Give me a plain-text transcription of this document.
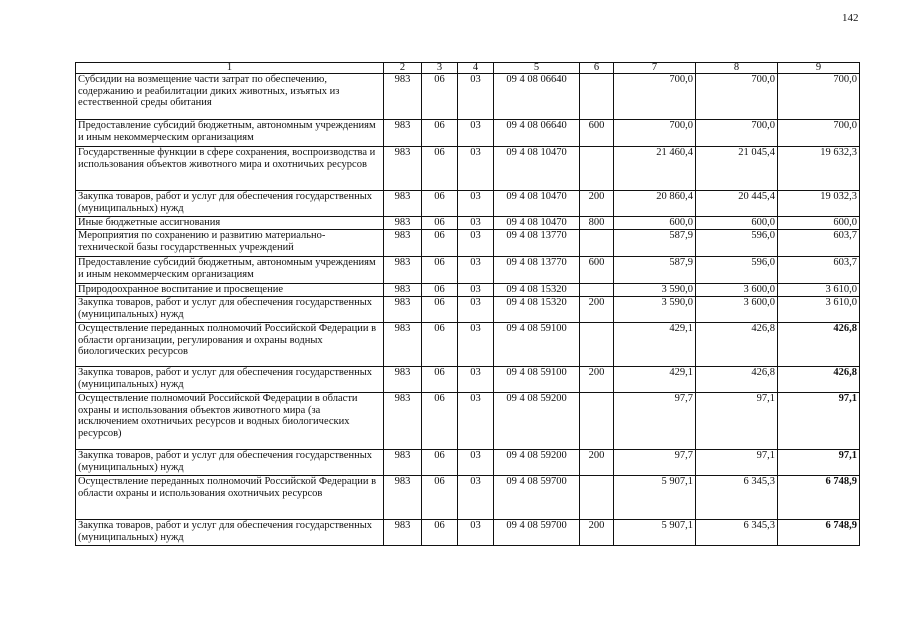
142
1	2	3	4	5	6	7	8	9
Субсидии на возмещение части затрат по обеспечению, содержанию и реабилитации диких животных, изъятых из естественной среды обитания	983	06	03	09 4 08 06640		700,0	700,0	700,0
Предоставление субсидий бюджетным, автономным учреждениям и иным некоммерческим организациям	983	06	03	09 4 08 06640	600	700,0	700,0	700,0
Государственные функции в сфере сохранения, воспроизводства и использования объектов животного мира и охотничьих ресурсов	983	06	03	09 4 08 10470		21 460,4	21 045,4	19 632,3
Закупка товаров, работ и услуг для обеспечения государственных (муниципальных) нужд	983	06	03	09 4 08 10470	200	20 860,4	20 445,4	19 032,3
Иные бюджетные ассигнования	983	06	03	09 4 08 10470	800	600,0	600,0	600,0
Мероприятия по сохранению и развитию материально-технической базы государственных учреждений	983	06	03	09 4 08 13770		587,9	596,0	603,7
Предоставление субсидий бюджетным, автономным учреждениям и иным некоммерческим организациям	983	06	03	09 4 08 13770	600	587,9	596,0	603,7
Природоохранное воспитание и просвещение	983	06	03	09 4 08 15320		3 590,0	3 600,0	3 610,0
Закупка товаров, работ и услуг для обеспечения государственных (муниципальных) нужд	983	06	03	09 4 08 15320	200	3 590,0	3 600,0	3 610,0
Осуществление переданных полномочий Российской Федерации в области организации, регулирования и охраны водных биологических ресурсов	983	06	03	09 4 08 59100		429,1	426,8	426,8
Закупка товаров, работ и услуг для обеспечения государственных (муниципальных) нужд	983	06	03	09 4 08 59100	200	429,1	426,8	426,8
Осуществление полномочий Российской Федерации в области охраны и использования объектов животного мира (за исключением охотничьих ресурсов и водных биологических ресурсов)	983	06	03	09 4 08 59200		97,7	97,1	97,1
Закупка товаров, работ и услуг для обеспечения государственных (муниципальных) нужд	983	06	03	09 4 08 59200	200	97,7	97,1	97,1
Осуществление переданных полномочий Российской Федерации в области охраны и использования охотничьих ресурсов	983	06	03	09 4 08 59700		5 907,1	6 345,3	6 748,9
Закупка товаров, работ и услуг для обеспечения государственных (муниципальных) нужд	983	06	03	09 4 08 59700	200	5 907,1	6 345,3	6 748,9
